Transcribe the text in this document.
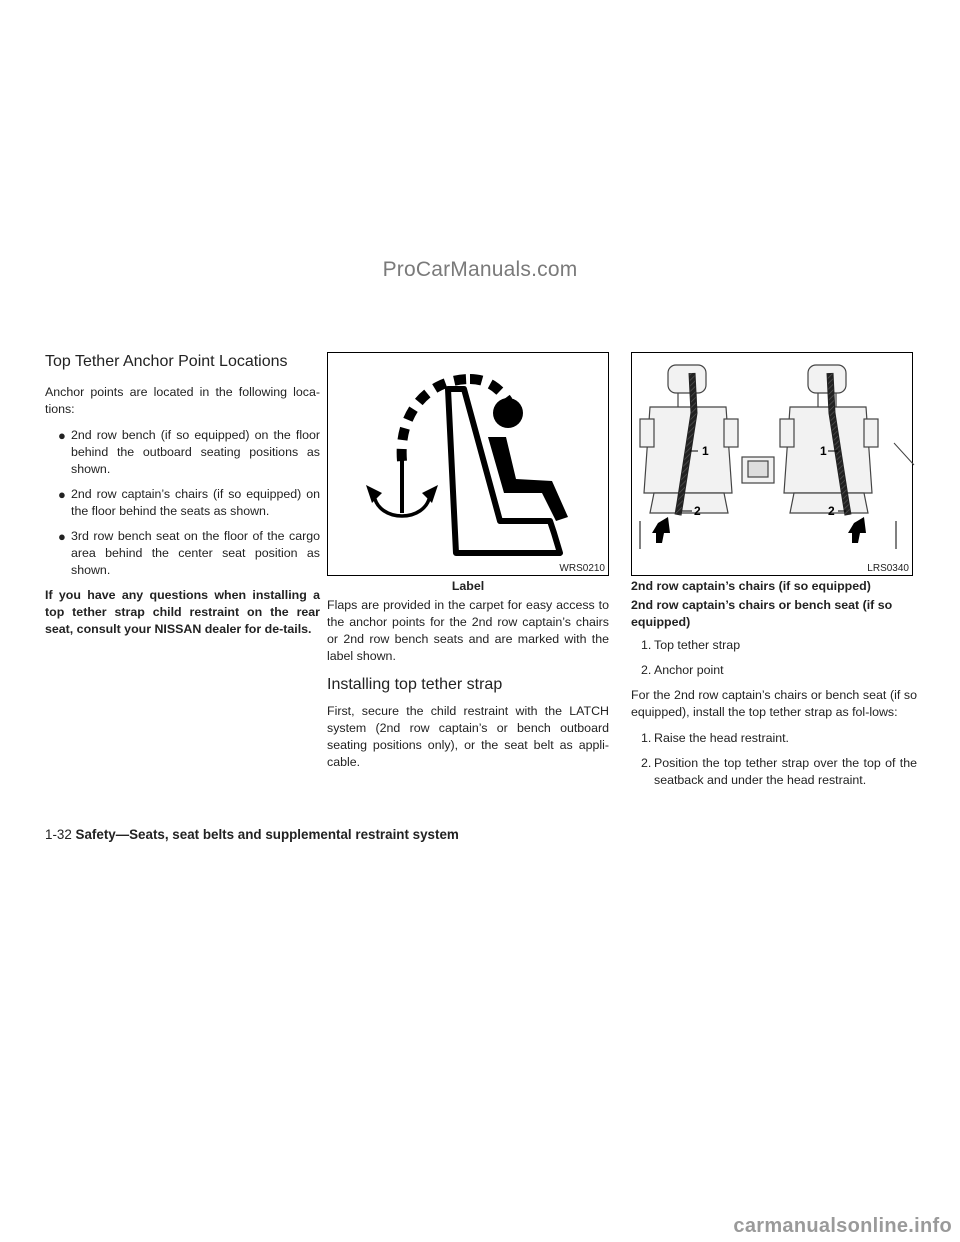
ProCarManuals.com
Top Tether Anchor Point Locations

Anchor points are located in the following loca-tions:

● 2nd row bench (if so equipped) on the floor behind the outboard seating positions as shown.
● 2nd row captain’s chairs (if so equipped) on the floor behind the seats as shown.
● 3rd row bench seat on the floor of the cargo area behind the center seat position as shown.

If you have any questions when installing a top tether strap child restraint on the rear seat, consult your NISSAN dealer for de-tails.

WRS0210
Label

Flaps are provided in the carpet for easy access to the anchor points for the 2nd row captain’s chairs or 2nd row bench seats and are marked with the label shown.

Installing top tether strap

First, secure the child restraint with the LATCH system (2nd row captain’s or bench outboard seating positions only), or the seat belt as appli-cable.

1	1
2	2
LRS0340
2nd row captain’s chairs (if so equipped)

2nd row captain’s chairs or bench seat (if so equipped)

1. Top tether strap
2. Anchor point

For the 2nd row captain’s chairs or bench seat (if so equipped), install the top tether strap as fol-lows:

1. Raise the head restraint.
2. Position the top tether strap over the top of the seatback and under the head restraint.
1-32 Safety—Seats, seat belts and supplemental restraint system
carmanualsonline.info
